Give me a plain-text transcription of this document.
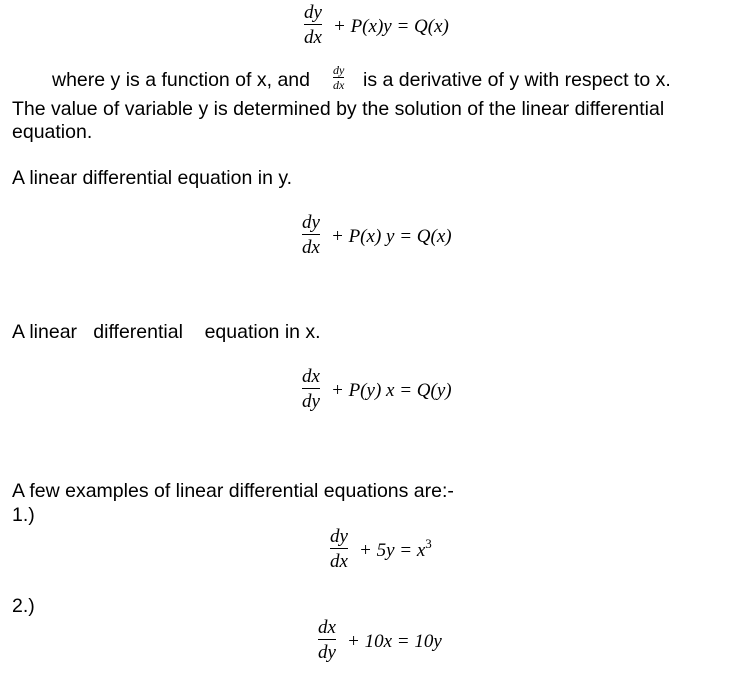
dy
dx
+ P(x)y = Q(x)
where y is a function of x, and dy
dx is a derivative of y with respect to x.
The value of variable y is determined by the solution of the linear differential
equation.
A linear differential equation in y.
dy
dx
+ P(x) y = Q(x)
A linear   differential    equation in x.
dx
dy
+ P(y) x = Q(y)
A few examples of linear differential equations are:-
1.)
dy
dx
+ $5y = x^3$
2.)
dx
dy
+ 10x = 10y
